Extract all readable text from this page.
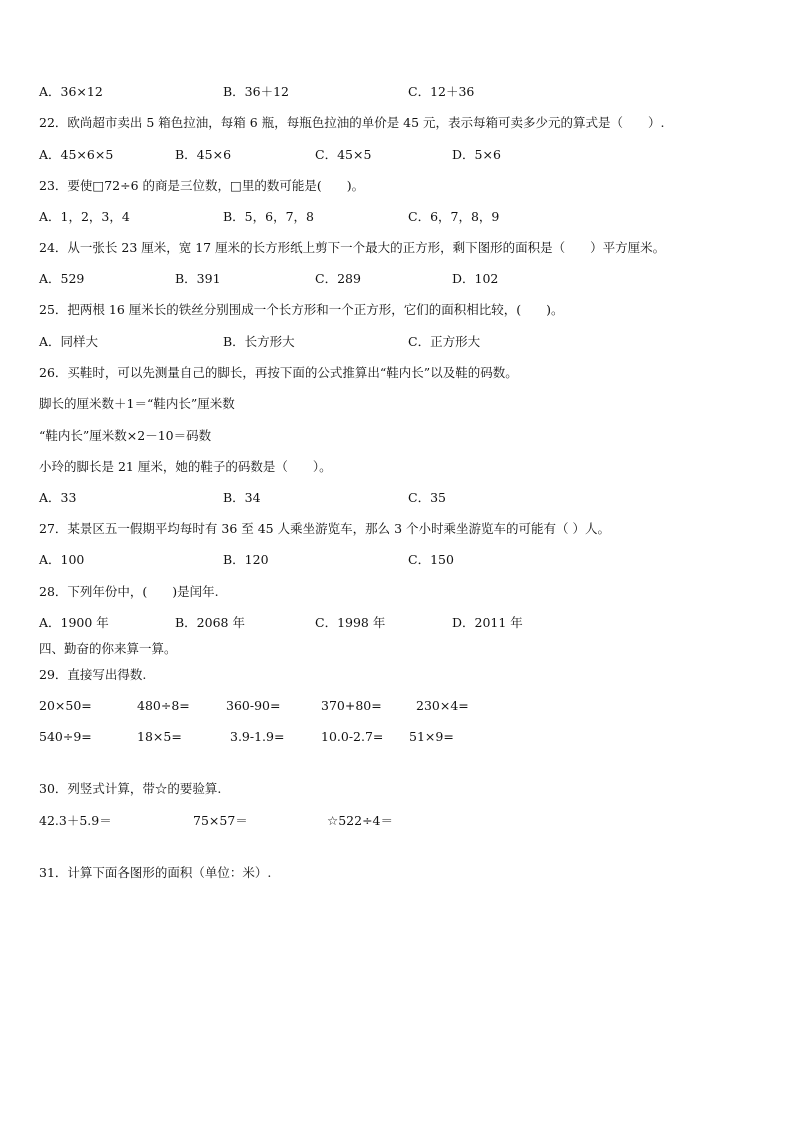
A．36×12	B．36＋12	C．12＋36
22．欧尚超市卖出 5 箱色拉油，每箱 6 瓶，每瓶色拉油的单价是 45 元，表示每箱可卖多少元的算式是（　　）.
A．45×6×5	B．45×6	C．45×5	D．5×6
23．要使□72÷6 的商是三位数，□里的数可能是(　　)。
A．1，2，3，4	B．5，6，7，8	C．6，7，8，9
24．从一张长 23 厘米，宽 17 厘米的长方形纸上剪下一个最大的正方形，剩下图形的面积是（　　）平方厘米。
A．529	B．391	C．289	D．102
25．把两根 16 厘米长的铁丝分别围成一个长方形和一个正方形，它们的面积相比较，(　　)。
A．同样大	B．长方形大	C．正方形大
26．买鞋时，可以先测量自己的脚长，再按下面的公式推算出“鞋内长”以及鞋的码数。
脚长的厘米数＋1＝“鞋内长”厘米数
“鞋内长”厘米数×2－10＝码数
小玲的脚长是 21 厘米，她的鞋子的码数是（　　）。
A．33	B．34	C．35
27．某景区五一假期平均每时有 36 至 45 人乘坐游览车，那么 3 个小时乘坐游览车的可能有（ ）人。
A．100	B．120	C．150
28．下列年份中，(　　)是闰年.
A．1900 年	B．2068 年	C．1998 年	D．2011 年
四、勤奋的你来算一算。
29．直接写出得数.
20×50=	480÷8=	360-90=	370+80=	230×4=
540÷9=	18×5=	3.9-1.9=	10.0-2.7= 51×9=
30．列竖式计算，带☆的要验算.
42.3＋5.9＝	75×57＝	☆522÷4＝
31．计算下面各图形的面积（单位：米）.
